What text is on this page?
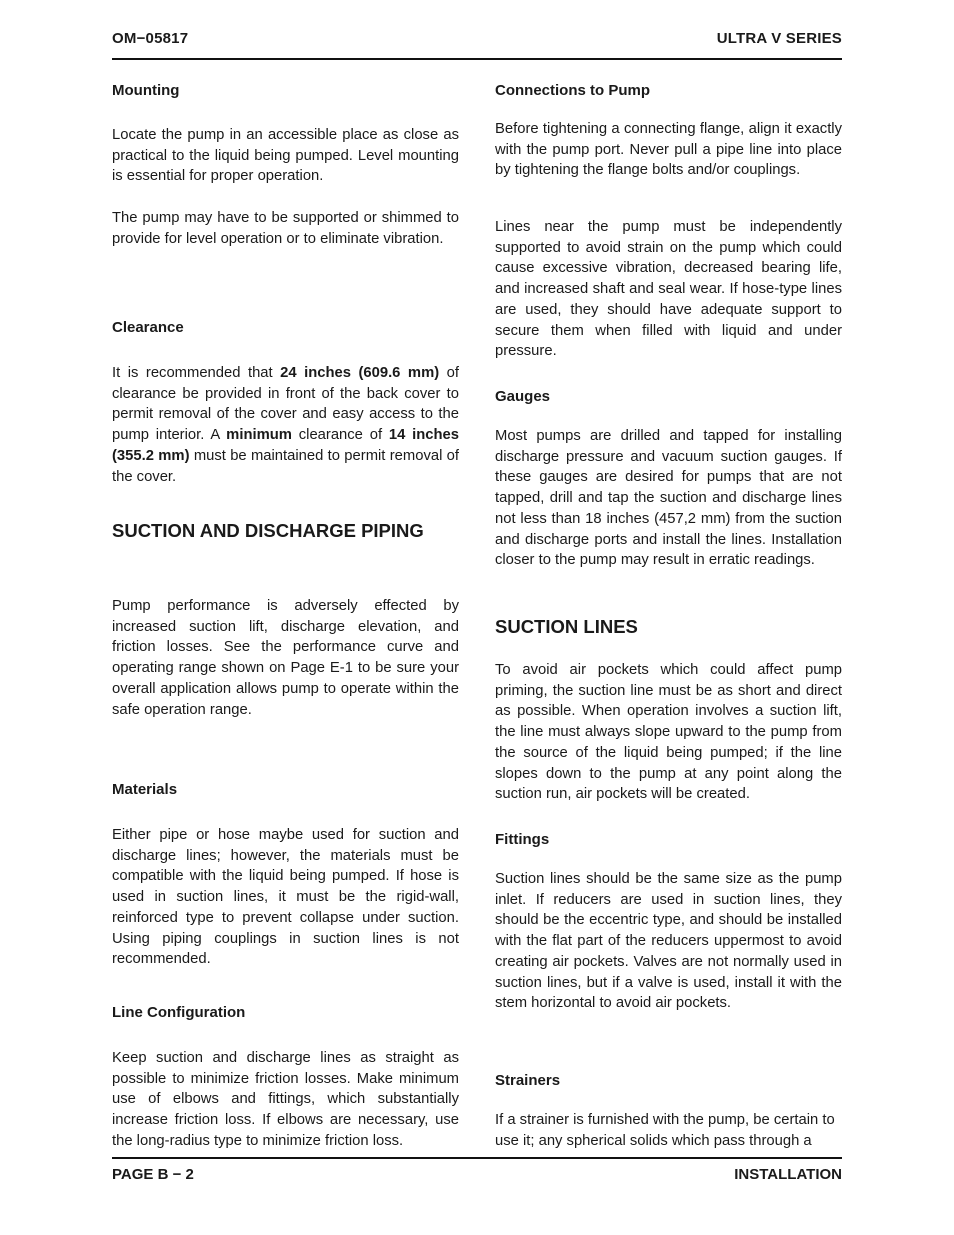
OM−05817	ULTRA V SERIES
Mounting

Locate the pump in an accessible place as close as practical to the liquid being pumped. Level mounting is essential for proper operation.

The pump may have to be supported or shimmed to provide for level operation or to eliminate vibration.

Clearance

It is recommended that 24 inches (609.6 mm) of clearance be provided in front of the back cover to permit removal of the cover and easy access to the pump interior. A minimum clearance of 14 inches (355.2 mm) must be maintained to permit removal of the cover.

SUCTION AND DISCHARGE PIPING

Pump performance is adversely effected by increased suction lift, discharge elevation, and friction losses. See the performance curve and operating range shown on Page E-1 to be sure your overall application allows pump to operate within the safe operation range.

Materials

Either pipe or hose maybe used for suction and discharge lines; however, the materials must be compatible with the liquid being pumped. If hose is used in suction lines, it must be the rigid-wall, reinforced type to prevent collapse under suction. Using piping couplings in suction lines is not recommended.

Line Configuration

Keep suction and discharge lines as straight as possible to minimize friction losses. Make minimum use of elbows and fittings, which substantially increase friction loss. If elbows are necessary, use the long-radius type to minimize friction loss.

Connections to Pump

Before tightening a connecting flange, align it exactly with the pump port. Never pull a pipe line into place by tightening the flange bolts and/or couplings.

Lines near the pump must be independently supported to avoid strain on the pump which could cause excessive vibration, decreased bearing life, and increased shaft and seal wear. If hose-type lines are used, they should have adequate support to secure them when filled with liquid and under pressure.

Gauges

Most pumps are drilled and tapped for installing discharge pressure and vacuum suction gauges. If these gauges are desired for pumps that are not tapped, drill and tap the suction and discharge lines not less than 18 inches (457,2 mm) from the suction and discharge ports and install the lines. Installation closer to the pump may result in erratic readings.

SUCTION LINES

To avoid air pockets which could affect pump priming, the suction line must be as short and direct as possible. When operation involves a suction lift, the line must always slope upward to the pump from the source of the liquid being pumped; if the line slopes down to the pump at any point along the suction run, air pockets will be created.

Fittings

Suction lines should be the same size as the pump inlet. If reducers are used in suction lines, they should be the eccentric type, and should be installed with the flat part of the reducers uppermost to avoid creating air pockets. Valves are not normally used in suction lines, but if a valve is used, install it with the stem horizontal to avoid air pockets.

Strainers

If a strainer is furnished with the pump, be certain to use it; any spherical solids which pass through a

PAGE B − 2	INSTALLATION
